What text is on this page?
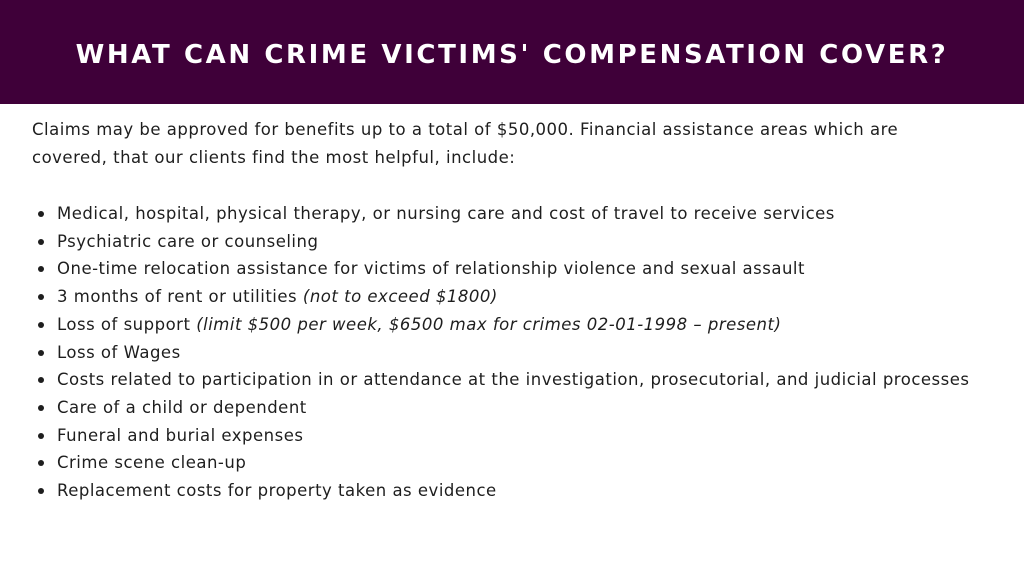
WHAT CAN CRIME VICTIMS' COMPENSATION COVER?

Claims may be approved for benefits up to a total of $50,000. Financial assistance areas which are covered, that our clients find the most helpful, include:

Medical, hospital, physical therapy, or nursing care and cost of travel to receive services
Psychiatric care or counseling
One-time relocation assistance for victims of relationship violence and sexual assault
3 months of rent or utilities (not to exceed $1800)
Loss of support (limit $500 per week, $6500 max for crimes 02-01-1998 – present)
Loss of Wages
Costs related to participation in or attendance at the investigation, prosecutorial, and judicial processes
Care of a child or dependent
Funeral and burial expenses
Crime scene clean-up
Replacement costs for property taken as evidence
